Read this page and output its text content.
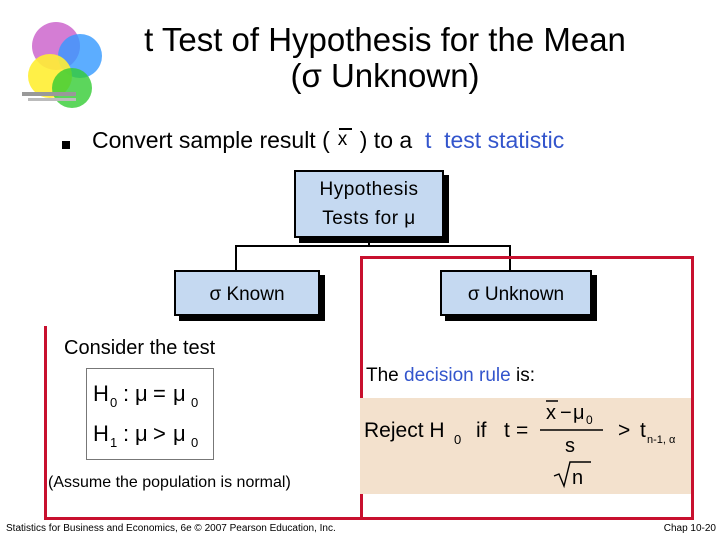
t Test of Hypothesis for the Mean
(σ Unknown)
Convert sample result ( x ) to a t test statistic
Hypothesis
Tests for μ
σ Known	σ Unknown
Consider the test
H 0 : μ = μ 0
H 1 : μ > μ 0
(Assume the population is normal)
The decision rule is:
Reject H 0 if t =
x − μ 0
s
n
> t n-1, α
Statistics for Business and Economics, 6e © 2007 Pearson Education, Inc.	Chap 10-20
